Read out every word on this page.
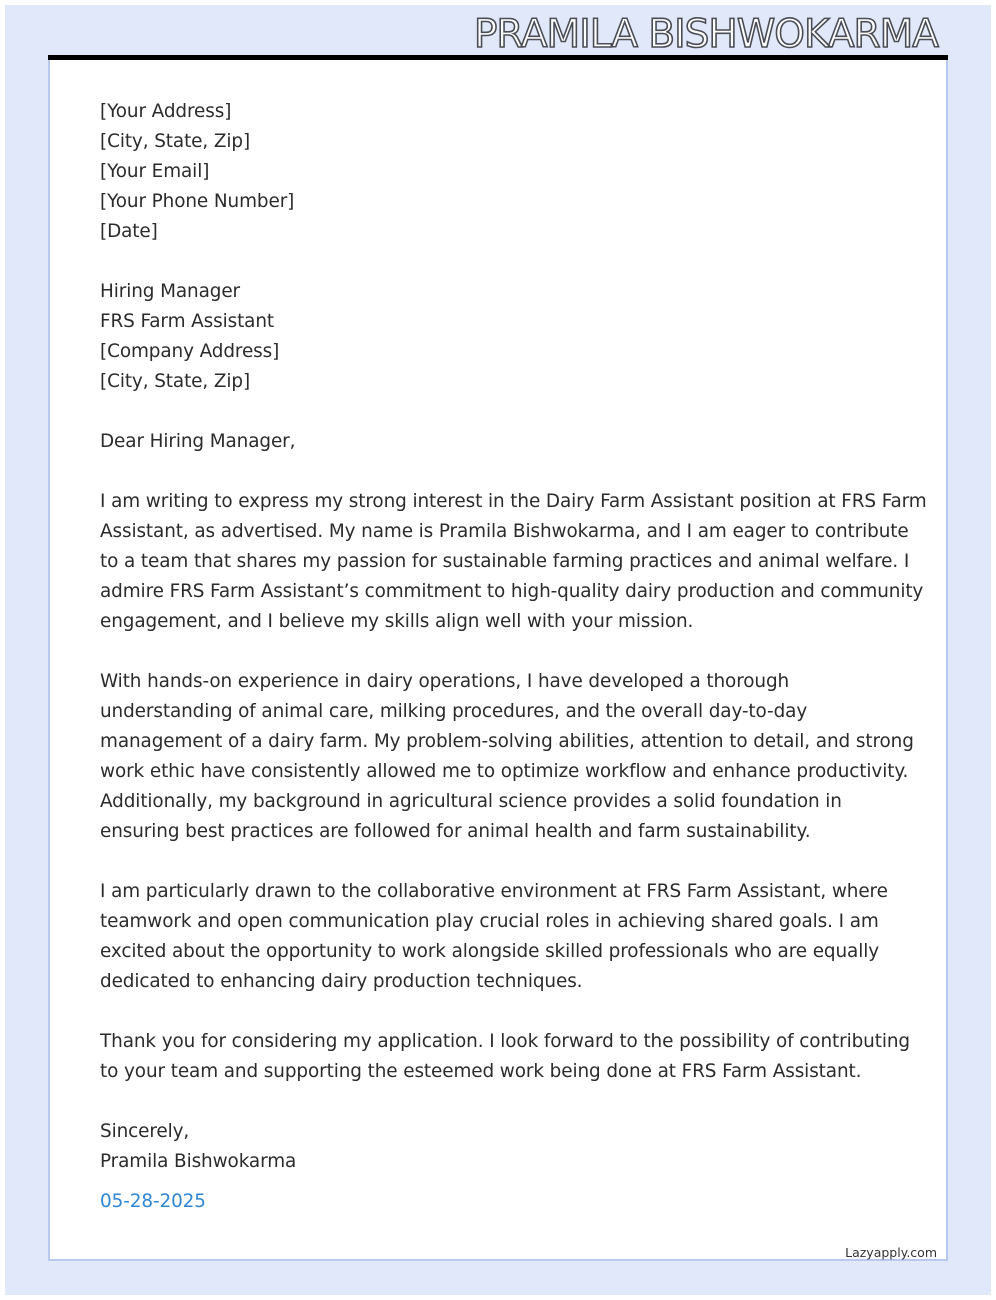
PRAMILA BISHWOKARMA
[Your Address]
[City, State, Zip]
[Your Email]
[Your Phone Number]
[Date]
Hiring Manager
FRS Farm Assistant
[Company Address]
[City, State, Zip]
Dear Hiring Manager,
I am writing to express my strong interest in the Dairy Farm Assistant position at FRS Farm
Assistant, as advertised. My name is Pramila Bishwokarma, and I am eager to contribute
to a team that shares my passion for sustainable farming practices and animal welfare. I
admire FRS Farm Assistant’s commitment to high-quality dairy production and community
engagement, and I believe my skills align well with your mission.
With hands-on experience in dairy operations, I have developed a thorough
understanding of animal care, milking procedures, and the overall day-to-day
management of a dairy farm. My problem-solving abilities, attention to detail, and strong
work ethic have consistently allowed me to optimize workflow and enhance productivity.
Additionally, my background in agricultural science provides a solid foundation in
ensuring best practices are followed for animal health and farm sustainability.
I am particularly drawn to the collaborative environment at FRS Farm Assistant, where
teamwork and open communication play crucial roles in achieving shared goals. I am
excited about the opportunity to work alongside skilled professionals who are equally
dedicated to enhancing dairy production techniques.
Thank you for considering my application. I look forward to the possibility of contributing
to your team and supporting the esteemed work being done at FRS Farm Assistant.
Sincerely,
Pramila Bishwokarma
05-28-2025
Lazyapply.com
